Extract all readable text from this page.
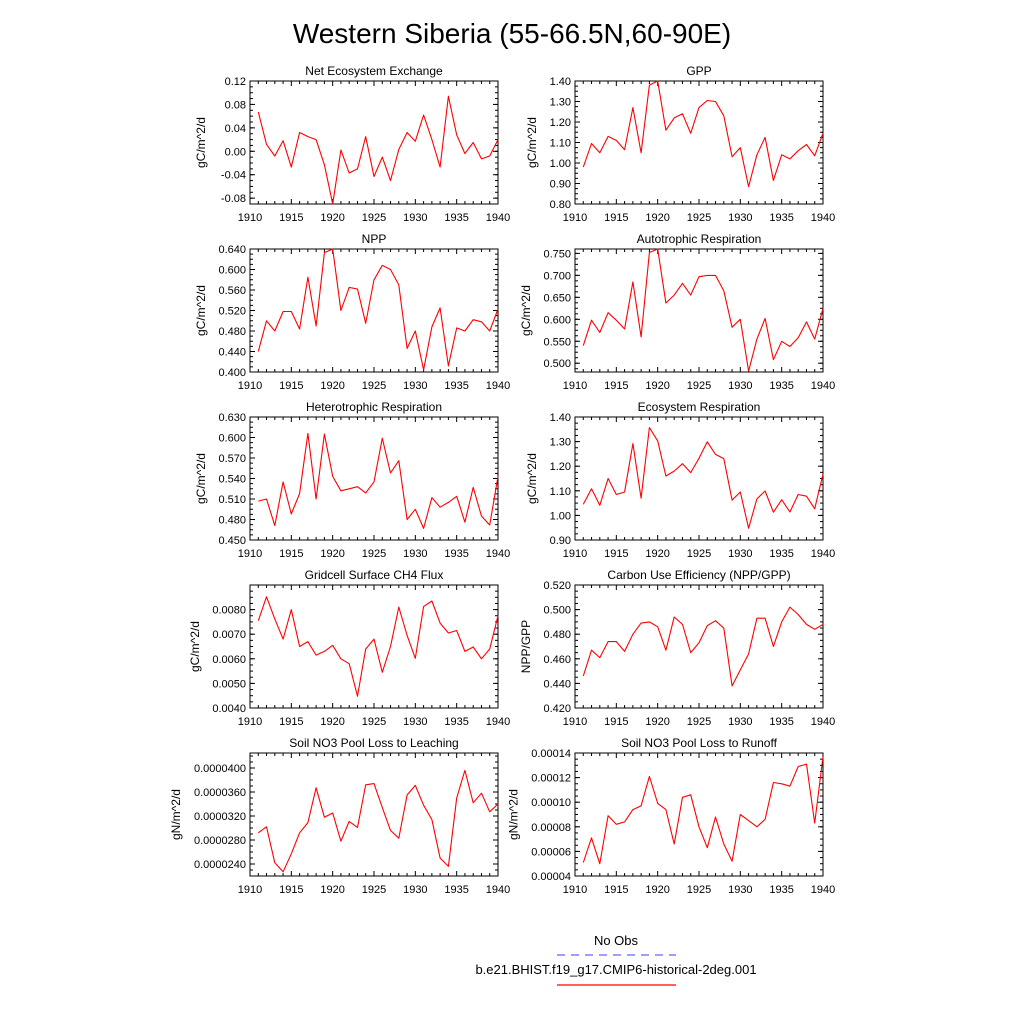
Western Siberia (55-66.5N,60-90E)
Net Ecosystem Exchange
1910 1915 1920 1925 1930 1935 1940
-0.08
-0.04
0.00
0.04
0.08
0.12
gC/m^2/d
GPP
1910 1915 1920 1925 1930 1935 1940
0.80
0.90
1.00
1.10
1.20
1.30
1.40
gC/m^2/d
NPP
1910 1915 1920 1925 1930 1935 1940
0.400
0.440
0.480
0.520
0.560
0.600
0.640
gC/m^2/d
Autotrophic Respiration
1910 1915 1920 1925 1930 1935 1940
0.500
0.550
0.600
0.650
0.700
0.750
gC/m^2/d
Heterotrophic Respiration
1910 1915 1920 1925 1930 1935 1940
0.450
0.480
0.510
0.540
0.570
0.600
0.630
gC/m^2/d
Ecosystem Respiration
1910 1915 1920 1925 1930 1935 1940
0.90
1.00
1.10
1.20
1.30
1.40
gC/m^2/d
Gridcell Surface CH4 Flux
1910 1915 1920 1925 1930 1935 1940
0.0040
0.0050
0.0060
0.0070
0.0080
gC/m^2/d
Carbon Use Efficiency (NPP/GPP)
1910 1915 1920 1925 1930 1935 1940
0.420
0.440
0.460
0.480
0.500
0.520
NPP/GPP
Soil NO3 Pool Loss to Leaching
1910 1915 1920 1925 1930 1935 1940
0.0000240
0.0000280
0.0000320
0.0000360
0.0000400
gN/m^2/d
Soil NO3 Pool Loss to Runoff
1910 1915 1920 1925 1930 1935 1940
0.00004
0.00006
0.00008
0.00010
0.00012
0.00014
gN/m^2/d
No Obs
b.e21.BHIST.f19_g17.CMIP6-historical-2deg.001
